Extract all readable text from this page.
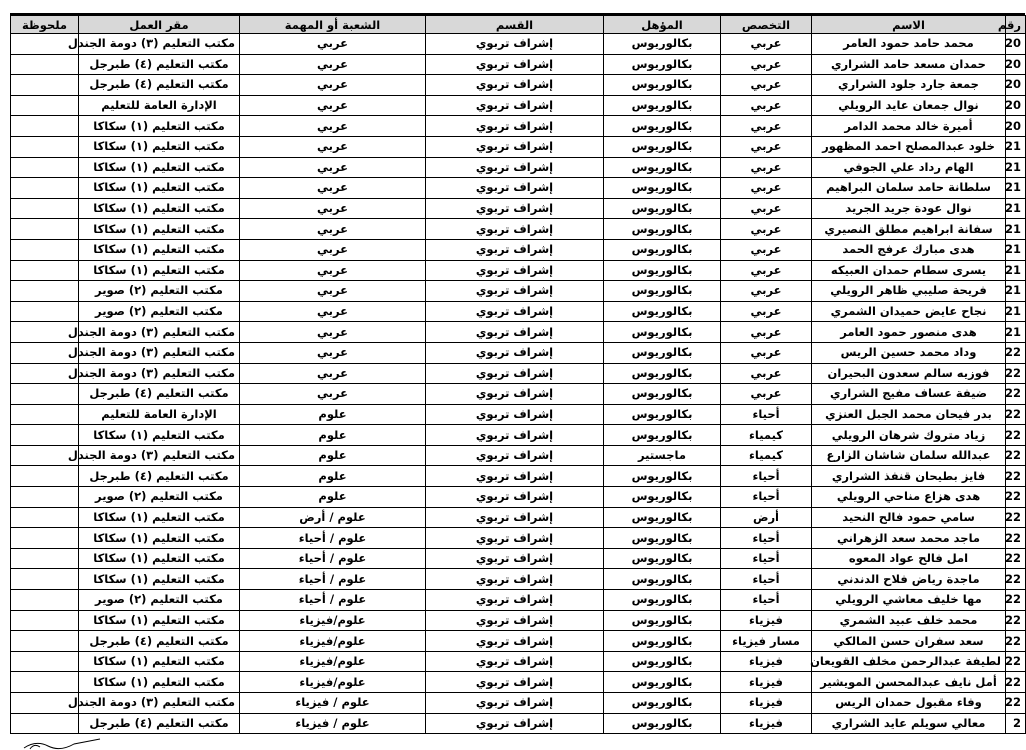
رقم	الاسم	التخصص	المؤهل	القسم	الشعبة أو المهمة	مقر العمل	ملحوظة
20	محمد حامد حمود العامر	عربي	بكالوريوس	إشراف تربوي	عربي	مكتب التعليم (٣) دومة الجندل	
20	حمدان مسعد حامد الشراري	عربي	بكالوريوس	إشراف تربوي	عربي	مكتب التعليم (٤) طبرجل	
20	جمعة جارد جلود الشراري	عربي	بكالوريوس	إشراف تربوي	عربي	مكتب التعليم (٤) طبرجل	
20	نوال جمعان عايد الرويلي	عربي	بكالوريوس	إشراف تربوي	عربي	الإدارة العامة للتعليم	
20	أميرة خالد محمد الدامر	عربي	بكالوريوس	إشراف تربوي	عربي	مكتب التعليم (١) سكاكا	
21	خلود عبدالمصلح احمد المظهور	عربي	بكالوريوس	إشراف تربوي	عربي	مكتب التعليم (١) سكاكا	
21	الهام رداد علي الجوفي	عربي	بكالوريوس	إشراف تربوي	عربي	مكتب التعليم (١) سكاكا	
21	سلطانة حامد سلمان البراهيم	عربي	بكالوريوس	إشراف تربوي	عربي	مكتب التعليم (١) سكاكا	
21	نوال عودة جريد الجريد	عربي	بكالوريوس	إشراف تربوي	عربي	مكتب التعليم (١) سكاكا	
21	سفانة ابراهيم مطلق النصيري	عربي	بكالوريوس	إشراف تربوي	عربي	مكتب التعليم (١) سكاكا	
21	هدى مبارك عرفج الحمد	عربي	بكالوريوس	إشراف تربوي	عربي	مكتب التعليم (١) سكاكا	
21	يسرى سطام حمدان العبيكه	عربي	بكالوريوس	إشراف تربوي	عربي	مكتب التعليم (١) سكاكا	
21	فريحة صليبي ظاهر الرويلي	عربي	بكالوريوس	إشراف تربوي	عربي	مكتب التعليم (٢) صوير	
21	نجاح عايض حميدان الشمري	عربي	بكالوريوس	إشراف تربوي	عربي	مكتب التعليم (٢) صوير	
21	هدى منصور حمود العامر	عربي	بكالوريوس	إشراف تربوي	عربي	مكتب التعليم (٣) دومة الجندل	
22	وداد محمد حسين الريس	عربي	بكالوريوس	إشراف تربوي	عربي	مكتب التعليم (٣) دومة الجندل	
22	فوزيه سالم سعدون البحيران	عربي	بكالوريوس	إشراف تربوي	عربي	مكتب التعليم (٣) دومة الجندل	
22	ضيفة عساف مفيج الشراري	عربي	بكالوريوس	إشراف تربوي	عربي	مكتب التعليم (٤) طبرجل	
22	بدر فيحان محمد الجبل العنزي	أحياء	بكالوريوس	إشراف تربوي	علوم	الإدارة العامة للتعليم	
22	زياد متروك شرهان الرويلي	كيمياء	بكالوريوس	إشراف تربوي	علوم	مكتب التعليم (١) سكاكا	
22	عبدالله سلمان شاشان الزارع	كيمياء	ماجستير	إشراف تربوي	علوم	مكتب التعليم (٣) دومة الجندل	
22	فايز بطيحان قنفذ الشراري	أحياء	بكالوريوس	إشراف تربوي	علوم	مكتب التعليم (٤) طبرجل	
22	هدى هزاع مناحي الرويلي	أحياء	بكالوريوس	إشراف تربوي	علوم	مكتب التعليم (٢) صوير	
22	سامي حمود فالح النحيد	أرض	بكالوريوس	إشراف تربوي	علوم / أرض	مكتب التعليم (١) سكاكا	
22	ماجد محمد سعد الزهراني	أحياء	بكالوريوس	إشراف تربوي	علوم / أحياء	مكتب التعليم (١) سكاكا	
22	امل فالح عواد المعوه	أحياء	بكالوريوس	إشراف تربوي	علوم / أحياء	مكتب التعليم (١) سكاكا	
22	ماجدة رياض فلاح الدندني	أحياء	بكالوريوس	إشراف تربوي	علوم / أحياء	مكتب التعليم (١) سكاكا	
22	مها خليف معاشي الرويلي	أحياء	بكالوريوس	إشراف تربوي	علوم / أحياء	مكتب التعليم (٢) صوير	
22	محمد خلف عبيد الشمري	فيزياء	بكالوريوس	إشراف تربوي	علوم/فيزياء	مكتب التعليم (١) سكاكا	
22	سعد سفران حسن المالكي	مسار فيزياء	بكالوريوس	إشراف تربوي	علوم/فيزياء	مكتب التعليم (٤) طبرجل	
22	لطيفة عبدالرحمن مخلف القويعان	فيزياء	بكالوريوس	إشراف تربوي	علوم/فيزياء	مكتب التعليم (١) سكاكا	
22	أمل نايف عبدالمحسن المويشير	فيزياء	بكالوريوس	إشراف تربوي	علوم/فيزياء	مكتب التعليم (١) سكاكا	
22	وفاء مقبول حمدان الريس	فيزياء	بكالوريوس	إشراف تربوي	علوم / فيزياء	مكتب التعليم (٣) دومة الجندل	
2	معالي سويلم عايد الشراري	فيزياء	بكالوريوس	إشراف تربوي	علوم / فيزياء	مكتب التعليم (٤) طبرجل	
